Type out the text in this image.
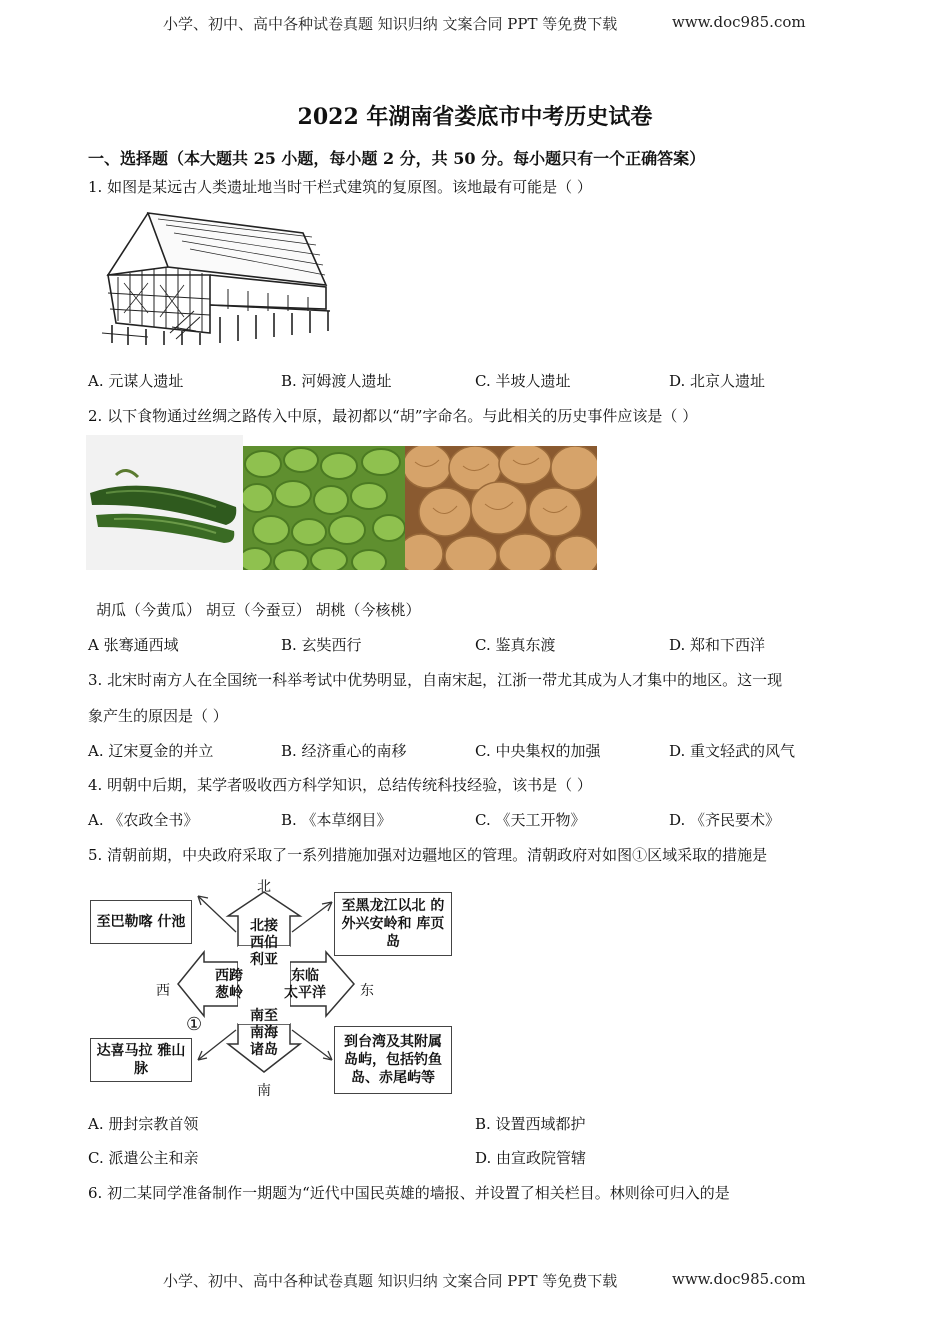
小学、初中、高中各种试卷真题 知识归纳 文案合同 PPT 等免费下载	www.doc985.com
小学、初中、高中各种试卷真题 知识归纳 文案合同 PPT 等免费下载	www.doc985.com
2022 年湖南省娄底市中考历史试卷
一、选择题（本大题共 25 小题，每小题 2 分，共 50 分。每小题只有一个正确答案）
1. 如图是某远古人类遗址地当时干栏式建筑的复原图。该地最有可能是（ ）
A. 元谋人遗址	B. 河姆渡人遗址	C. 半坡人遗址	D. 北京人遗址
2. 以下食物通过丝绸之路传入中原，最初都以“胡”字命名。与此相关的历史事件应该是（ ）
胡瓜（今黄瓜） 胡豆（今蚕豆） 胡桃（今核桃）
A 张骞通西域	B. 玄奘西行	C. 鉴真东渡	D. 郑和下西洋
3. 北宋时南方人在全国统一科举考试中优势明显，自南宋起，江浙一带尤其成为人才集中的地区。这一现
象产生的原因是（ ）
A. 辽宋夏金的并立	B. 经济重心的南移	C. 中央集权的加强	D. 重文轻武的风气
4. 明朝中后期，某学者吸收西方科学知识，总结传统科技经验，该书是（ ）
A. 《农政全书》	B. 《本草纲目》	C. 《天工开物》	D. 《齐民要术》
5. 清朝前期，中央政府采取了一系列措施加强对边疆地区的管理。清朝政府对如图①区域采取的措施是
北
南
西	东
至巴勒喀 什池
至黑龙江以北 的外兴安岭和 库页岛
达喜马拉 雅山脉
到台湾及其附属 岛屿，包括钓鱼 岛、赤尾屿等
北接
西伯
利亚
西跨
葱岭
东临
太平洋
南至
南海
诸岛
①
A. 册封宗教首领	B. 设置西域都护
C. 派遣公主和亲	D. 由宣政院管辖
6. 初二某同学准备制作一期题为“近代中国民英雄的墙报、并设置了相关栏目。林则徐可归入的是
